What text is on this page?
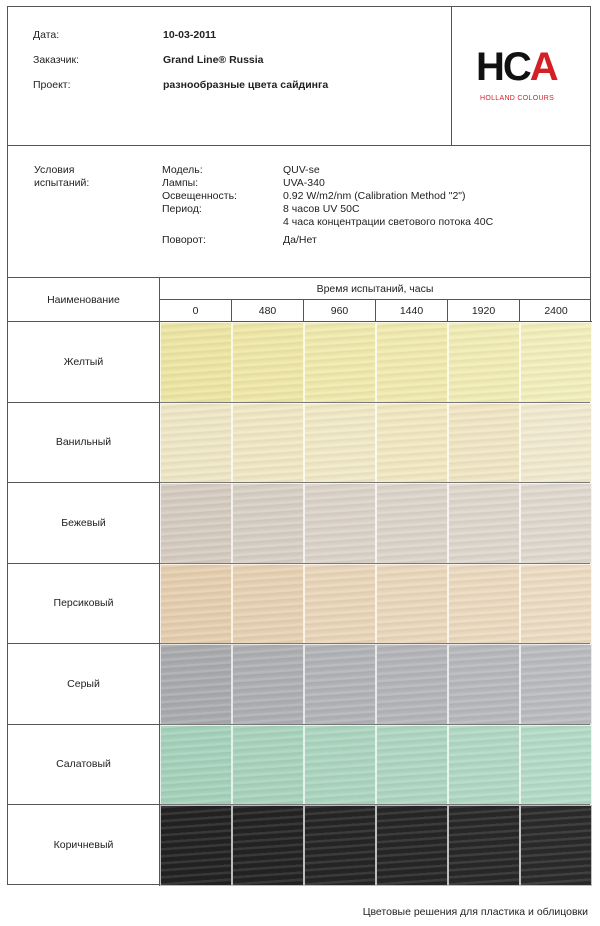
Дата:	10-03-2011
Заказчик:	Grand Line® Russia
Проект:	разнообразные цвета сайдинга	HCA
HOLLAND COLOURS
Условия
испытаний:
Модель:	QUV-se
Лампы:	UVA-340
Освещенность:	0.92 W/m2/nm (Calibration Method "2")
Период:	8 часов UV 50C
4 часа концентрации светового потока 40C
Поворот:	Да/Нет
Наименование
Время испытаний, часы
0	480	960	1440	1920	2400
Желтый
Ванильный
Бежевый
Персиковый
Серый
Салатовый
Коричневый
Цветовые решения для пластика и облицовки
